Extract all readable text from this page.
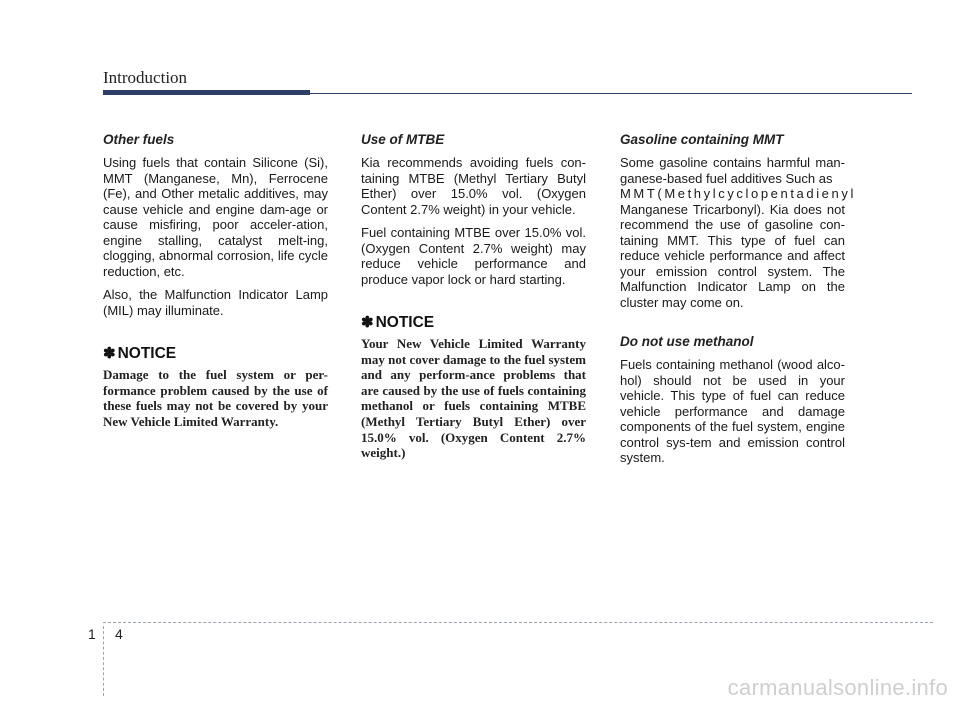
Introduction
Other fuels

Using fuels that contain Silicone (Si), MMT (Manganese, Mn), Ferrocene (Fe), and Other metalic additives, may cause vehicle and engine dam-age or cause misfiring, poor acceler-ation, engine stalling, catalyst melt-ing, clogging, abnormal corrosion, life cycle reduction, etc.

Also, the Malfunction Indicator Lamp (MIL) may illuminate.

✽ NOTICE

Damage to the fuel system or per-formance problem caused by the use of these fuels may not be covered by your New Vehicle Limited Warranty.

Use of MTBE

Kia recommends avoiding fuels con-taining MTBE (Methyl Tertiary Butyl Ether) over 15.0% vol. (Oxygen Content 2.7% weight) in your vehicle.

Fuel containing MTBE over 15.0% vol. (Oxygen Content 2.7% weight) may reduce vehicle performance and produce vapor lock or hard starting.

✽ NOTICE

Your New Vehicle Limited Warranty may not cover damage to the fuel system and any perform-ance problems that are caused by the use of fuels containing methanol or fuels containing MTBE (Methyl Tertiary Butyl Ether) over 15.0% vol. (Oxygen Content 2.7% weight.)

Gasoline containing MMT

Some gasoline contains harmful man-ganese-based fuel additives Such as

MMT(Methylcyclopentadienyl

Manganese Tricarbonyl). Kia does not recommend the use of gasoline con-taining MMT. This type of fuel can reduce vehicle performance and affect your emission control system. The Malfunction Indicator Lamp on the cluster may come on.

Do not use methanol

Fuels containing methanol (wood alco-hol) should not be used in your vehicle. This type of fuel can reduce vehicle performance and damage components of the fuel system, engine control sys-tem and emission control system.

1 4
carmanualsonline.info
